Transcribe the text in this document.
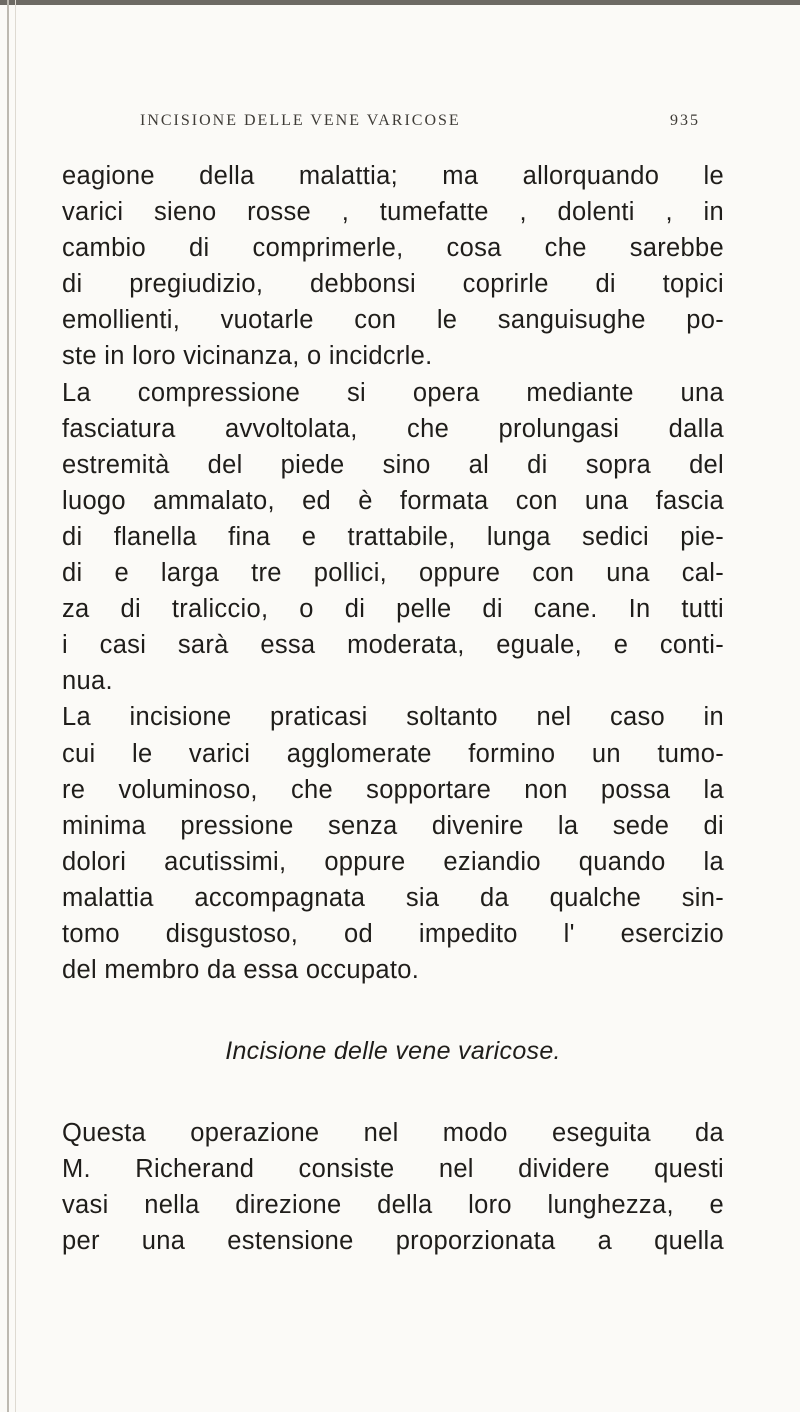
INCISIONE DELLE VENE VARICOSE	935
eagione della malattia; ma allorquando le
varici sieno rosse , tumefatte , dolenti , in
cambio di comprimerle, cosa che sarebbe
di pregiudizio, debbonsi coprirle di topici
emollienti, vuotarle con le sanguisughe po-
ste in loro vicinanza, o incidcrle.
La compressione si opera mediante una
fasciatura avvoltolata, che prolungasi dalla
estremità del piede sino al di sopra del
luogo ammalato, ed è formata con una fascia
di flanella fina e trattabile, lunga sedici pie-
di e larga tre pollici, oppure con una cal-
za di traliccio, o di pelle di cane. In tutti
i casi sarà essa moderata, eguale, e conti-
nua.
La incisione praticasi soltanto nel caso in
cui le varici agglomerate formino un tumo-
re voluminoso, che sopportare non possa la
minima pressione senza divenire la sede di
dolori acutissimi, oppure eziandio quando la
malattia accompagnata sia da qualche sin-
tomo disgustoso, od impedito l' esercizio
del membro da essa occupato.
Incisione delle vene varicose.
Questa operazione nel modo eseguita da
M. Richerand consiste nel dividere questi
vasi nella direzione della loro lunghezza, e
per una estensione proporzionata a quella
